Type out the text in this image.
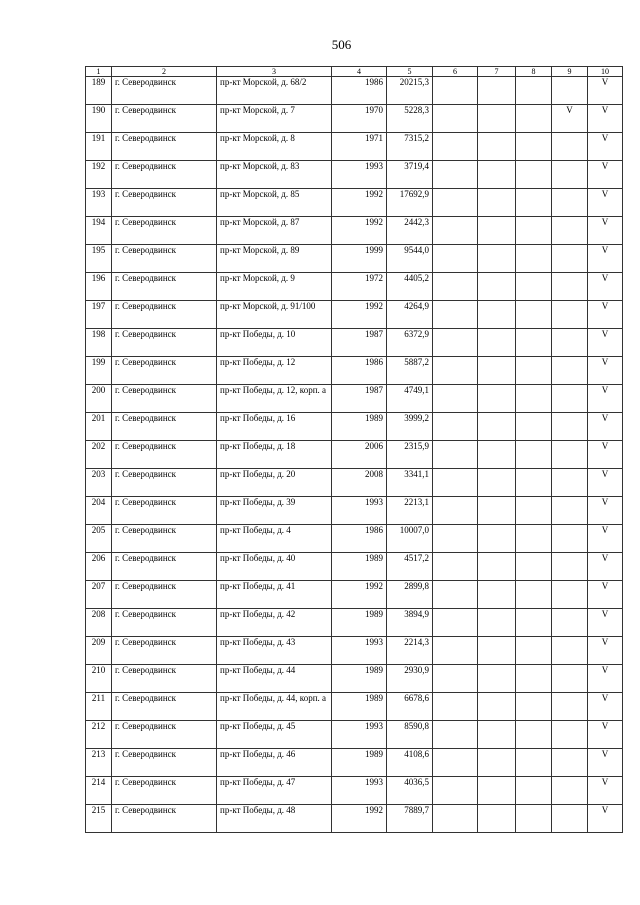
506
1	2	3	4	5	6	7	8	9	10
189	г. Северодвинск	пр-кт Морской, д. 68/2	1986	20215,3					V
190	г. Северодвинск	пр-кт Морской, д. 7	1970	5228,3				V	V
191	г. Северодвинск	пр-кт Морской, д. 8	1971	7315,2					V
192	г. Северодвинск	пр-кт Морской, д. 83	1993	3719,4					V
193	г. Северодвинск	пр-кт Морской, д. 85	1992	17692,9					V
194	г. Северодвинск	пр-кт Морской, д. 87	1992	2442,3					V
195	г. Северодвинск	пр-кт Морской, д. 89	1999	9544,0					V
196	г. Северодвинск	пр-кт Морской, д. 9	1972	4405,2					V
197	г. Северодвинск	пр-кт Морской, д. 91/100	1992	4264,9					V
198	г. Северодвинск	пр-кт Победы, д. 10	1987	6372,9					V
199	г. Северодвинск	пр-кт Победы, д. 12	1986	5887,2					V
200	г. Северодвинск	пр-кт Победы, д. 12, корп. а	1987	4749,1					V
201	г. Северодвинск	пр-кт Победы, д. 16	1989	3999,2					V
202	г. Северодвинск	пр-кт Победы, д. 18	2006	2315,9					V
203	г. Северодвинск	пр-кт Победы, д. 20	2008	3341,1					V
204	г. Северодвинск	пр-кт Победы, д. 39	1993	2213,1					V
205	г. Северодвинск	пр-кт Победы, д. 4	1986	10007,0					V
206	г. Северодвинск	пр-кт Победы, д. 40	1989	4517,2					V
207	г. Северодвинск	пр-кт Победы, д. 41	1992	2899,8					V
208	г. Северодвинск	пр-кт Победы, д. 42	1989	3894,9					V
209	г. Северодвинск	пр-кт Победы, д. 43	1993	2214,3					V
210	г. Северодвинск	пр-кт Победы, д. 44	1989	2930,9					V
211	г. Северодвинск	пр-кт Победы, д. 44, корп. а	1989	6678,6					V
212	г. Северодвинск	пр-кт Победы, д. 45	1993	8590,8					V
213	г. Северодвинск	пр-кт Победы, д. 46	1989	4108,6					V
214	г. Северодвинск	пр-кт Победы, д. 47	1993	4036,5					V
215	г. Северодвинск	пр-кт Победы, д. 48	1992	7889,7					V
